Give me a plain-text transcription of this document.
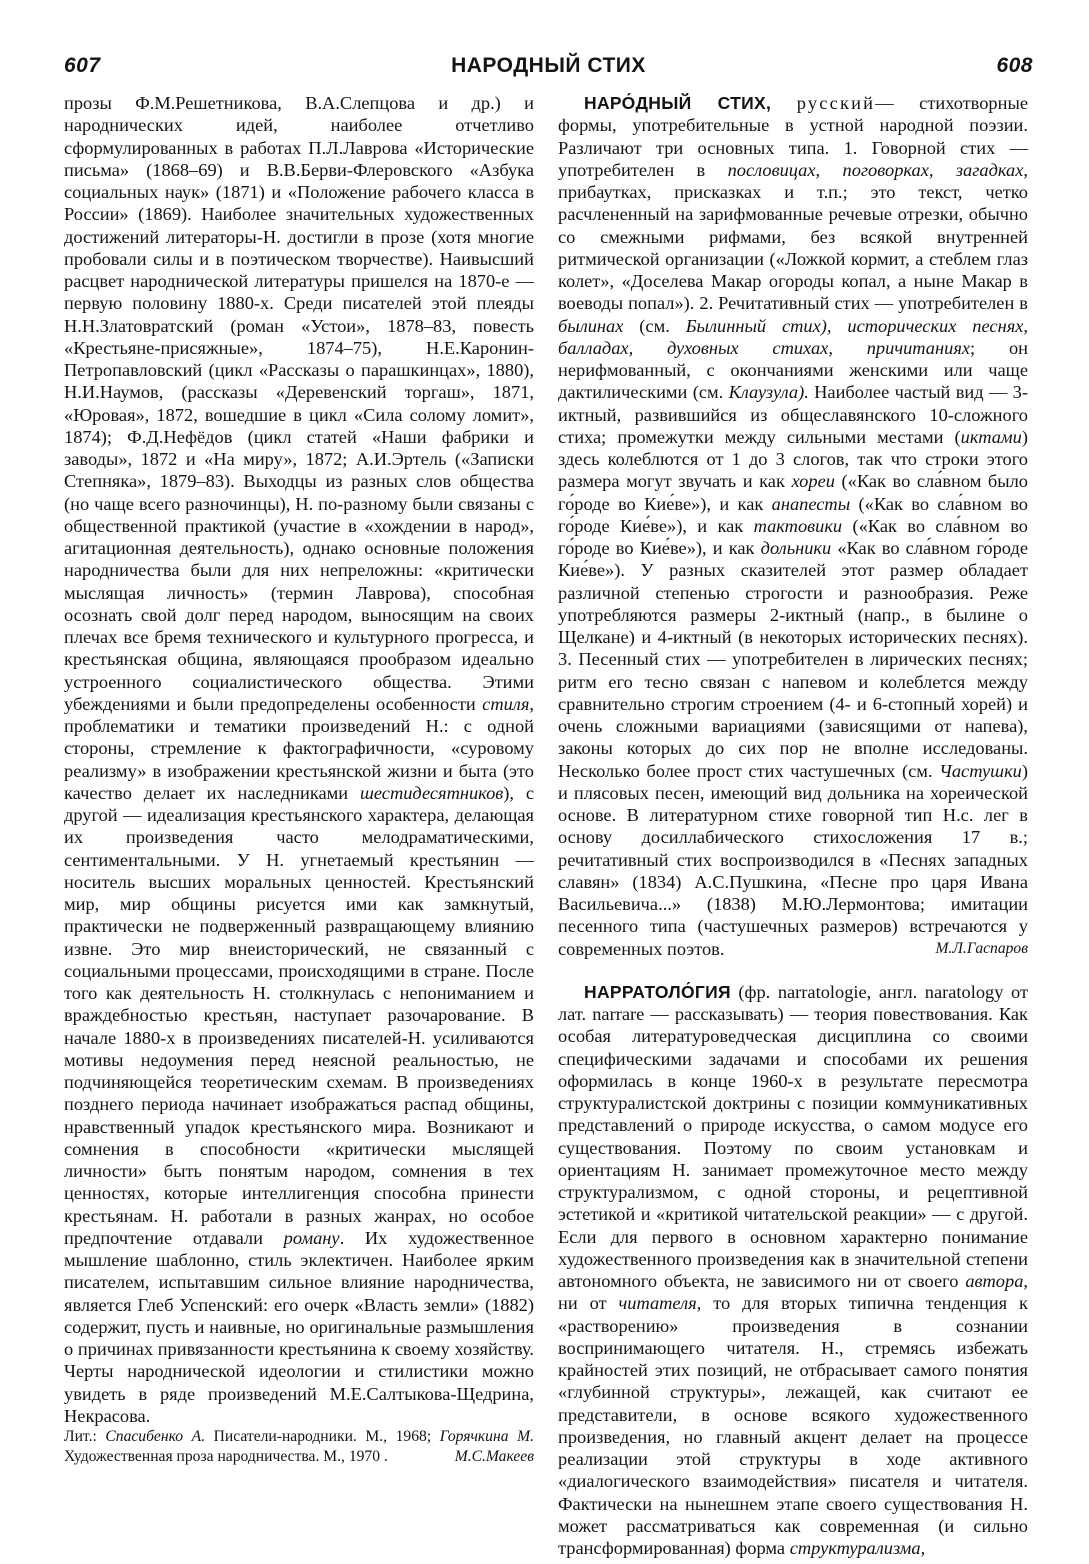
607	НАРОДНЫЙ СТИХ	608

прозы Ф.М.Решетникова, В.А.Слепцова и др.) и народнических идей, наиболее отчетливо сформулированных в работах П.Л.Лаврова «Исторические письма» (1868–69) и В.В.Берви-Флеровского «Азбука социальных наук» (1871) и «Положение рабочего класса в России» (1869). Наиболее значительных художественных достижений литераторы-Н. достигли в прозе (хотя многие пробовали силы и в поэтическом творчестве). Наивысший расцвет народнической литературы пришелся на 1870-е — первую половину 1880-х. Среди писателей этой плеяды Н.Н.Златовратский (роман «Устои», 1878–83, повесть «Крестьяне-присяжные», 1874–75), Н.Е.Каронин-Петропавловский (цикл «Рассказы о парашкинцах», 1880), Н.И.Наумов, (рассказы «Деревенский торгаш», 1871, «Юровая», 1872, вошедшие в цикл «Сила солому ломит», 1874); Ф.Д.Нефёдов (цикл статей «Наши фабрики и заводы», 1872 и «На миру», 1872; А.И.Эртель («Записки Степняка», 1879–83). Выходцы из разных слов общества (но чаще всего разночинцы), Н. по-разному были связаны с общественной практикой (участие в «хождении в народ», агитационная деятельность), однако основные положения народничества были для них непреложны: «критически мыслящая личность» (термин Лаврова), способная осознать свой долг перед народом, выносящим на своих плечах все бремя технического и культурного прогресса, и крестьянская община, являющаяся прообразом идеально устроенного социалистического общества. Этими убеждениями и были предопределены особенности стиля, проблематики и тематики произведений Н.: с одной стороны, стремление к фактографичности, «суровому реализму» в изображении крестьянской жизни и быта (это качество делает их наследниками шестидесятников), с другой — идеализация крестьянского характера, делающая их произведения часто мелодраматическими, сентиментальными. У Н. угнетаемый крестьянин — носитель высших моральных ценностей. Крестьянский мир, мир общины рисуется ими как замкнутый, практически не подверженный развращающему влиянию извне. Это мир внеисторический, не связанный с социальными процессами, происходящими в стране. После того как деятельность Н. столкнулась с непониманием и враждебностью крестьян, наступает разочарование. В начале 1880-х в произведениях писателей-Н. усиливаются мотивы недоумения перед неясной реальностью, не подчиняющейся теоретическим схемам. В произведениях позднего периода начинает изображаться распад общины, нравственный упадок крестьянского мира. Возникают и сомнения в способности «критически мыслящей личности» быть понятым народом, сомнения в тех ценностях, которые интеллигенция способна принести крестьянам. Н. работали в разных жанрах, но особое предпочтение отдавали роману. Их художественное мышление шаблонно, стиль эклектичен. Наиболее ярким писателем, испытавшим сильное влияние народничества, является Глеб Успенский: его очерк «Власть земли» (1882) содержит, пусть и наивные, но оригинальные размышления о причинах привязанности крестьянина к своему хозяйству. Черты народнической идеологии и стилистики можно увидеть в ряде произведений М.Е.Салтыкова-Щедрина, Некрасова.

Лит.: Спасибенко А. Писатели-народники. М., 1968; Горячкина М. Художественная проза народничества. М., 1970 .	М.С.Макеев

НАРО́ДНЫЙ СТИХ, русский— стихотворные формы, употребительные в устной народной поэзии. Различают три основных типа. 1. Говорной стих — употребителен в пословицах, поговорках, загадках, прибаутках, присказках и т.п.; это текст, четко расчлененный на зарифмованные речевые отрезки, обычно со смежными рифмами, без всякой внутренней ритмической организации («Ложкой кормит, а стеблем глаз колет», «Доселева Макар огороды копал, а ныне Макар в воеводы попал»). 2. Речитативный стих — употребителен в былинах (см. Былинный стих), исторических песнях, балладах, духовных стихах, причитаниях; он нерифмованный, с окончаниями женскими или чаще дактилическими (см. Клаузула). Наиболее частый вид — 3-иктный, развившийся из общеславянского 10-сложного стиха; промежутки между сильными местами (иктами) здесь колеблются от 1 до 3 слогов, так что строки этого размера могут звучать и как хореи («Как во сла́вном было го́роде во Кие́ве»), и как анапесты («Как во сла́вном во го́роде Кие́ве»), и как тактовики («Как во сла́вном во го́роде во Кие́ве»), и как дольники «Как во сла́вном го́роде Кие́ве»). У разных сказителей этот размер обладает различной степенью строгости и разнообразия. Реже употребляются размеры 2-иктный (напр., в былине о Щелкане) и 4-иктный (в некоторых исторических песнях). 3. Песенный стих — употребителен в лирических песнях; ритм его тесно связан с напевом и колеблется между сравнительно строгим строением (4- и 6-стопный хорей) и очень сложными вариациями (зависящими от напева), законы которых до сих пор не вполне исследованы. Несколько более прост стих частушечных (см. Частушки) и плясовых песен, имеющий вид дольника на хореической основе. В литературном стихе говорной тип Н.с. лег в основу досиллабического стихосложения 17 в.; речитативный стих воспроизводился в «Песнях западных славян» (1834) А.С.Пушкина, «Песне про царя Ивана Васильевича...» (1838) М.Ю.Лермонтова; имитации песенного типа (частушечных размеров) встречаются у современных поэтов.	М.Л.Гаспаров

НАРРАТОЛО́ГИЯ (фр. narratologie, англ. naratology от лат. narrare — рассказывать) — теория повествования. Как особая литературоведческая дисциплина со своими специфическими задачами и способами их решения оформилась в конце 1960-х в результате пересмотра структуралистской доктрины с позиции коммуникативных представлений о природе искусства, о самом модусе его существования. Поэтому по своим установкам и ориентациям Н. занимает промежуточное место между структурализмом, с одной стороны, и рецептивной эстетикой и «критикой читательской реакции» — с другой. Если для первого в основном характерно понимание художественного произведения как в значительной степени автономного объекта, не зависимого ни от своего автора, ни от читателя, то для вторых типична тенденция к «растворению» произведения в сознании воспринимающего читателя. Н., стремясь избежать крайностей этих позиций, не отбрасывает самого понятия «глубинной структуры», лежащей, как считают ее представители, в основе всякого художественного произведения, но главный акцент делает на процессе реализации этой структуры в ходе активного «диалогического взаимодействия» писателя и читателя. Фактически на нынешнем этапе своего существования Н. может рассматриваться как современная (и сильно трансформированная) форма структурализма,
